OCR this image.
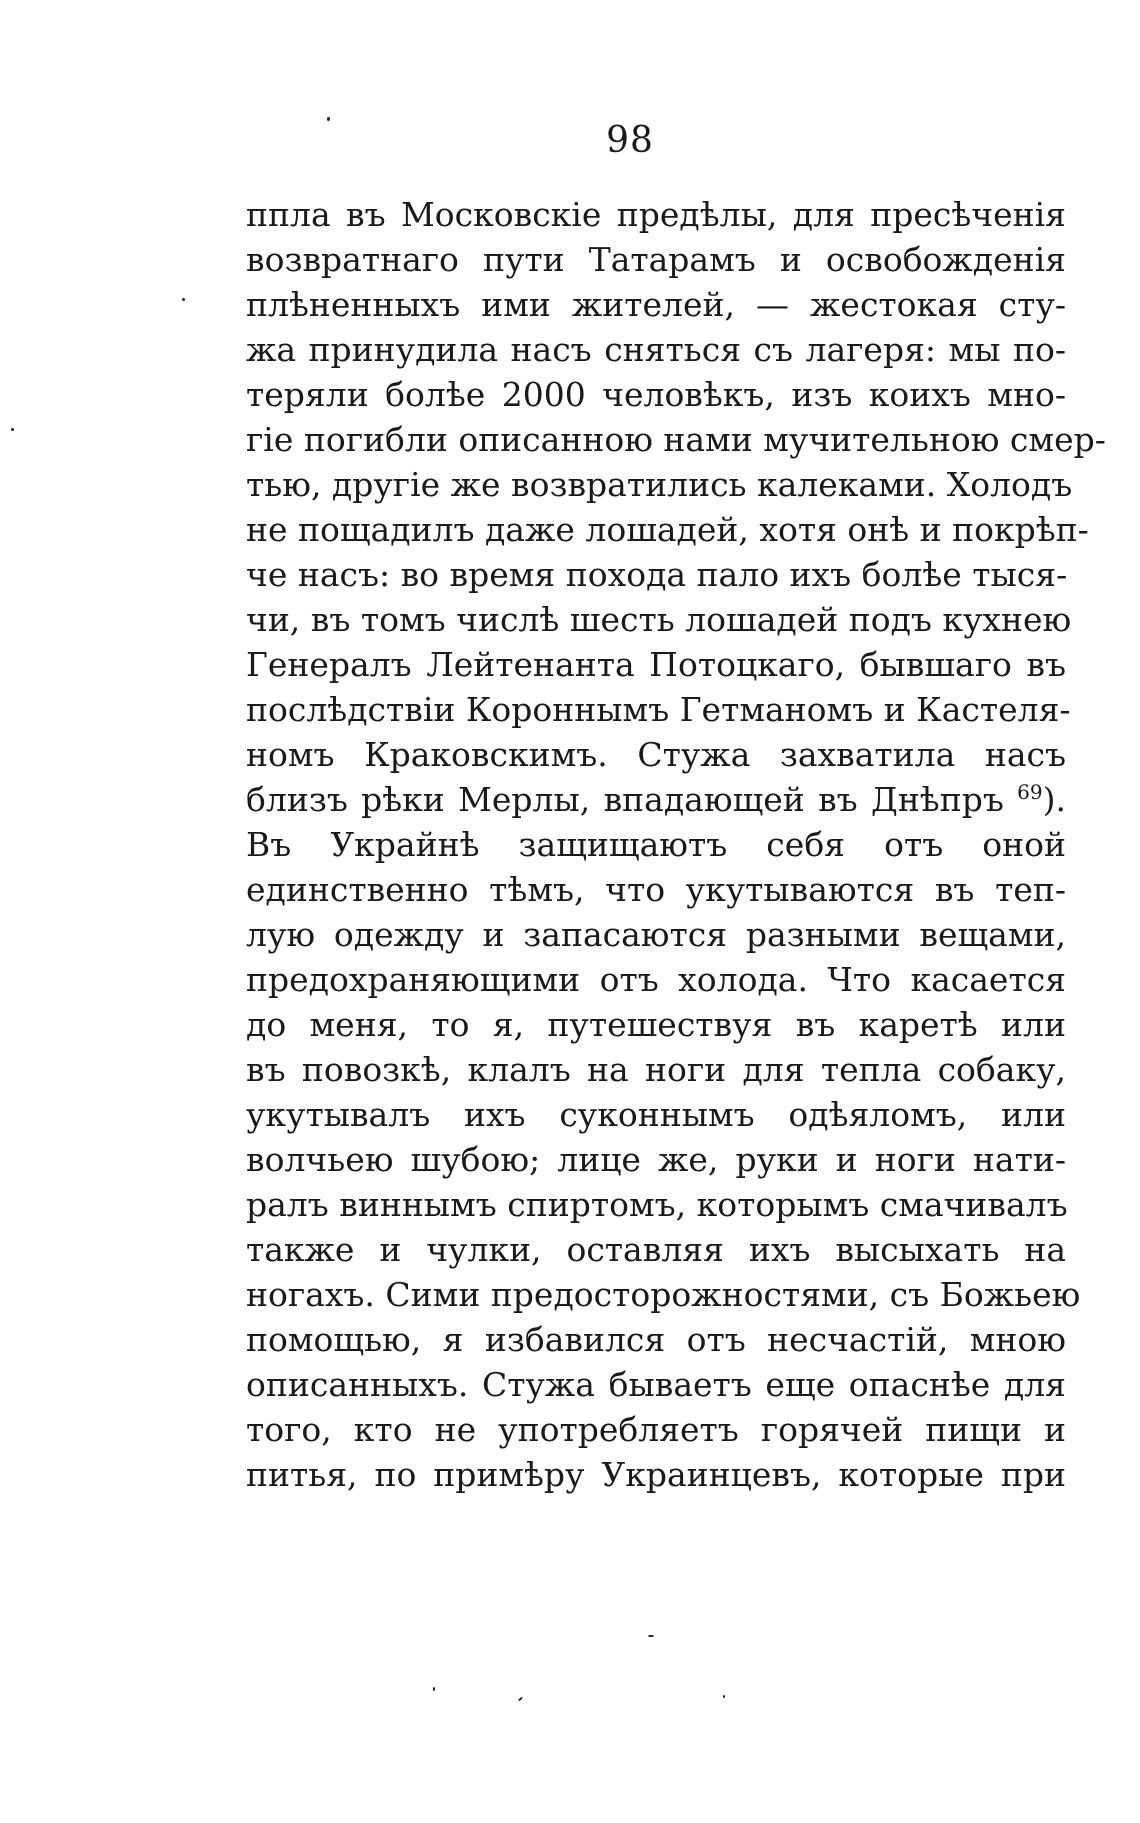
98
ппла въ Московскіе предѣлы, для пресѣченія
возвратнаго пути Татарамъ и освобожденія
плѣненныхъ ими жителей, — жестокая сту-
жа принудила насъ сняться съ лагеря: мы по-
теряли болѣе 2000 человѣкъ, изъ коихъ мно-
гіе погибли описанною нами мучительною смер-
тью, другіе же возвратились калеками. Холодъ
не пощадилъ даже лошадей, хотя онѣ и покрѣп-
че насъ: во время похода пало ихъ болѣе тыся-
чи, въ томъ числѣ шесть лошадей подъ кухнею
Генералъ Лейтенанта Потоцкаго, бывшаго въ
послѣдствіи Короннымъ Гетманомъ и Кастеля-
номъ Краковскимъ. Стужа захватила насъ
близъ рѣки Мерлы, впадающей въ Днѣпръ $^{69}$).
Въ Украйнѣ защищаютъ себя отъ оной
единственно тѣмъ, что укутываются въ теп-
лую одежду и запасаются разными вещами,
предохраняющими отъ холода. Что касается
до меня, то я, путешествуя въ каретѣ или
въ повозкѣ, клалъ на ноги для тепла собаку,
укутывалъ ихъ суконнымъ одѣяломъ, или
волчьею шубою; лице же, руки и ноги нати-
ралъ виннымъ спиртомъ, которымъ смачивалъ
также и чулки, оставляя ихъ высыхать на
ногахъ. Сими предосторожностями, съ Божьею
помощью, я избавился отъ несчастій, мною
описанныхъ. Стужа бываетъ еще опаснѣе для
того, кто не употребляетъ горячей пищи и
питья, по примѣру Украинцевъ, которые при
